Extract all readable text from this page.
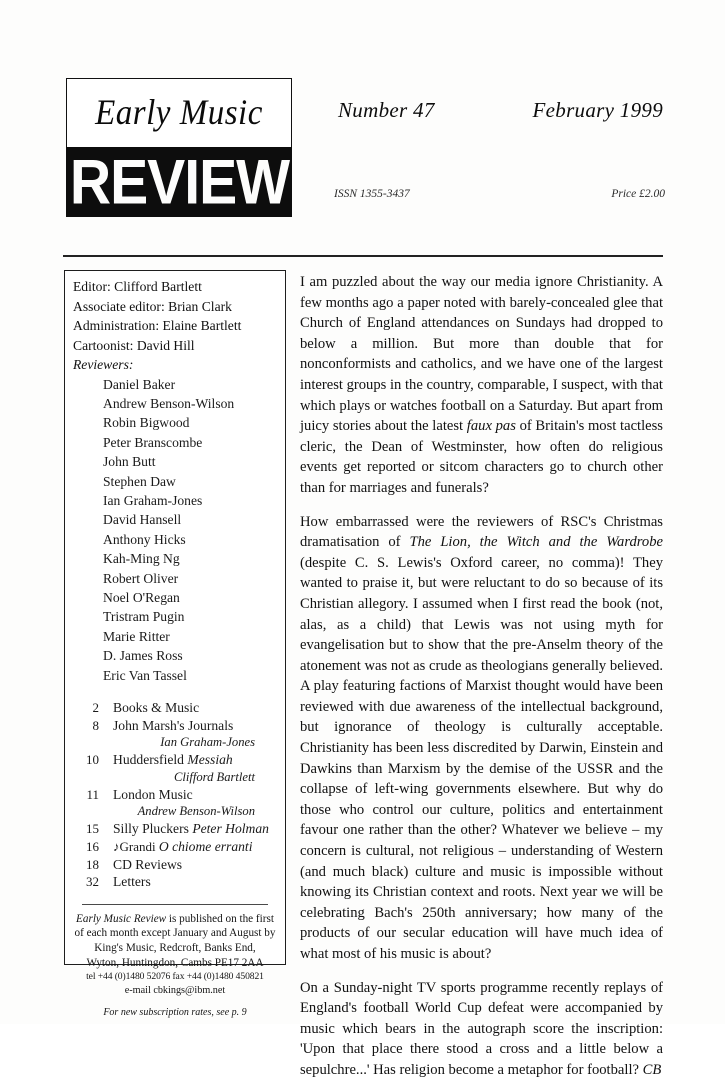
Early Music
REVIEW
Number 47	February 1999
ISSN 1355-3437	Price £2.00
Editor: Clifford Bartlett
Associate editor: Brian Clark
Administration: Elaine Bartlett
Cartoonist: David Hill
Reviewers:
Daniel Baker
Andrew Benson-Wilson
Robin Bigwood
Peter Branscombe
John Butt
Stephen Daw
Ian Graham-Jones
David Hansell
Anthony Hicks
Kah-Ming Ng
Robert Oliver
Noel O'Regan
Tristram Pugin
Marie Ritter
D. James Ross
Eric Van Tassel
2 Books & Music
8 John Marsh's Journals
Ian Graham-Jones
10 Huddersfield Messiah
Clifford Bartlett
11 London Music
Andrew Benson-Wilson
15 Silly Pluckers Peter Holman
16 ♪Grandi O chiome erranti
18 CD Reviews
32 Letters
Early Music Review is published on the first
of each month except January and August by
King's Music, Redcroft, Banks End,
Wyton, Huntingdon, Cambs PE17 2AA
tel +44 (0)1480 52076 fax +44 (0)1480 450821
e-mail cbkings@ibm.net
For new subscription rates, see p. 9

I am puzzled about the way our media ignore Christianity. A few months ago a paper noted with barely-concealed glee that Church of England attendances on Sundays had dropped to below a million. But more than double that for nonconformists and catholics, and we have one of the largest interest groups in the country, comparable, I suspect, with that which plays or watches football on a Saturday. But apart from juicy stories about the latest faux pas of Britain's most tactless cleric, the Dean of Westminster, how often do religious events get reported or sitcom characters go to church other than for marriages and funerals?

How embarrassed were the reviewers of RSC's Christmas dramatisation of The Lion, the Witch and the Wardrobe (despite C. S. Lewis's Oxford career, no comma)! They wanted to praise it, but were reluctant to do so because of its Christian allegory. I assumed when I first read the book (not, alas, as a child) that Lewis was not using myth for evangelisation but to show that the pre-Anselm theory of the atonement was not as crude as theologians generally believed. A play featuring factions of Marxist thought would have been reviewed with due awareness of the intellectual background, but ignorance of theology is culturally acceptable. Christianity has been less discredited by Darwin, Einstein and Dawkins than Marxism by the demise of the USSR and the collapse of left-wing governments elsewhere. But why do those who control our culture, politics and entertainment favour one rather than the other? Whatever we believe – my concern is cultural, not religious – understanding of Western (and much black) culture and music is impossible without knowing its Christian context and roots. Next year we will be celebrating Bach's 250th anniversary; how many of the products of our secular education will have much idea of what most of his music is about?

On a Sunday-night TV sports programme recently replays of England's football World Cup defeat were accompanied by music which bears in the autograph score the inscription: 'Upon that place there stood a cross and a little below a sepulchre...' Has religion become a metaphor for football? CB
